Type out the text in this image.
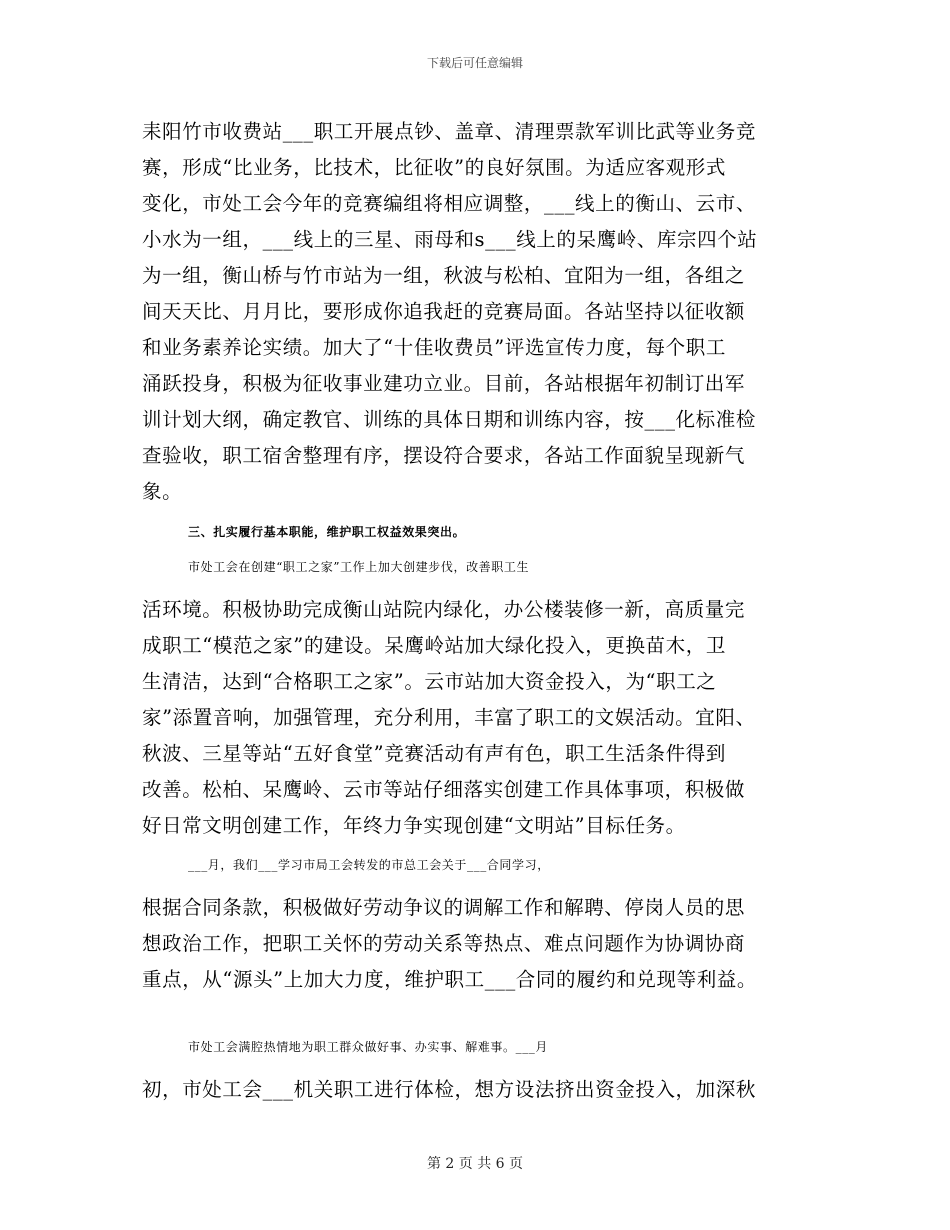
下载后可任意编辑
耒阳竹市收费站___职工开展点钞、盖章、清理票款军训比武等业务竞
赛，形成“比业务，比技术，比征收”的良好氛围。为适应客观形式
变化，市处工会今年的竞赛编组将相应调整，___线上的衡山、云市、
小水为一组，___线上的三星、雨母和s___线上的呆鹰岭、库宗四个站
为一组，衡山桥与竹市站为一组，秋波与松柏、宜阳为一组，各组之
间天天比、月月比，要形成你追我赶的竞赛局面。各站坚持以征收额
和业务素养论实绩。加大了“十佳收费员”评选宣传力度，每个职工
涌跃投身，积极为征收事业建功立业。目前，各站根据年初制订出军
训计划大纲，确定教官、训练的具体日期和训练内容，按___化标准检
查验收，职工宿舍整理有序，摆设符合要求，各站工作面貌呈现新气
象。
三、扎实履行基本职能，维护职工权益效果突出。
市处工会在创建“职工之家”工作上加大创建步伐，改善职工生
活环境。积极协助完成衡山站院内绿化，办公楼装修一新，高质量完
成职工“模范之家”的建设。呆鹰岭站加大绿化投入，更换苗木，卫
生清洁，达到“合格职工之家”。云市站加大资金投入，为“职工之
家”添置音响，加强管理，充分利用，丰富了职工的文娱活动。宜阳、
秋波、三星等站“五好食堂”竞赛活动有声有色，职工生活条件得到
改善。松柏、呆鹰岭、云市等站仔细落实创建工作具体事项，积极做
好日常文明创建工作，年终力争实现创建“文明站”目标任务。
___月，我们___学习市局工会转发的市总工会关于___合同学习，
根据合同条款，积极做好劳动争议的调解工作和解聘、停岗人员的思
想政治工作，把职工关怀的劳动关系等热点、难点问题作为协调协商
重点，从“源头”上加大力度，维护职工___合同的履约和兑现等利益。
市处工会满腔热情地为职工群众做好事、办实事、解难事。___月
初，市处工会___机关职工进行体检，想方设法挤出资金投入，加深秋
第 2 页 共 6 页
